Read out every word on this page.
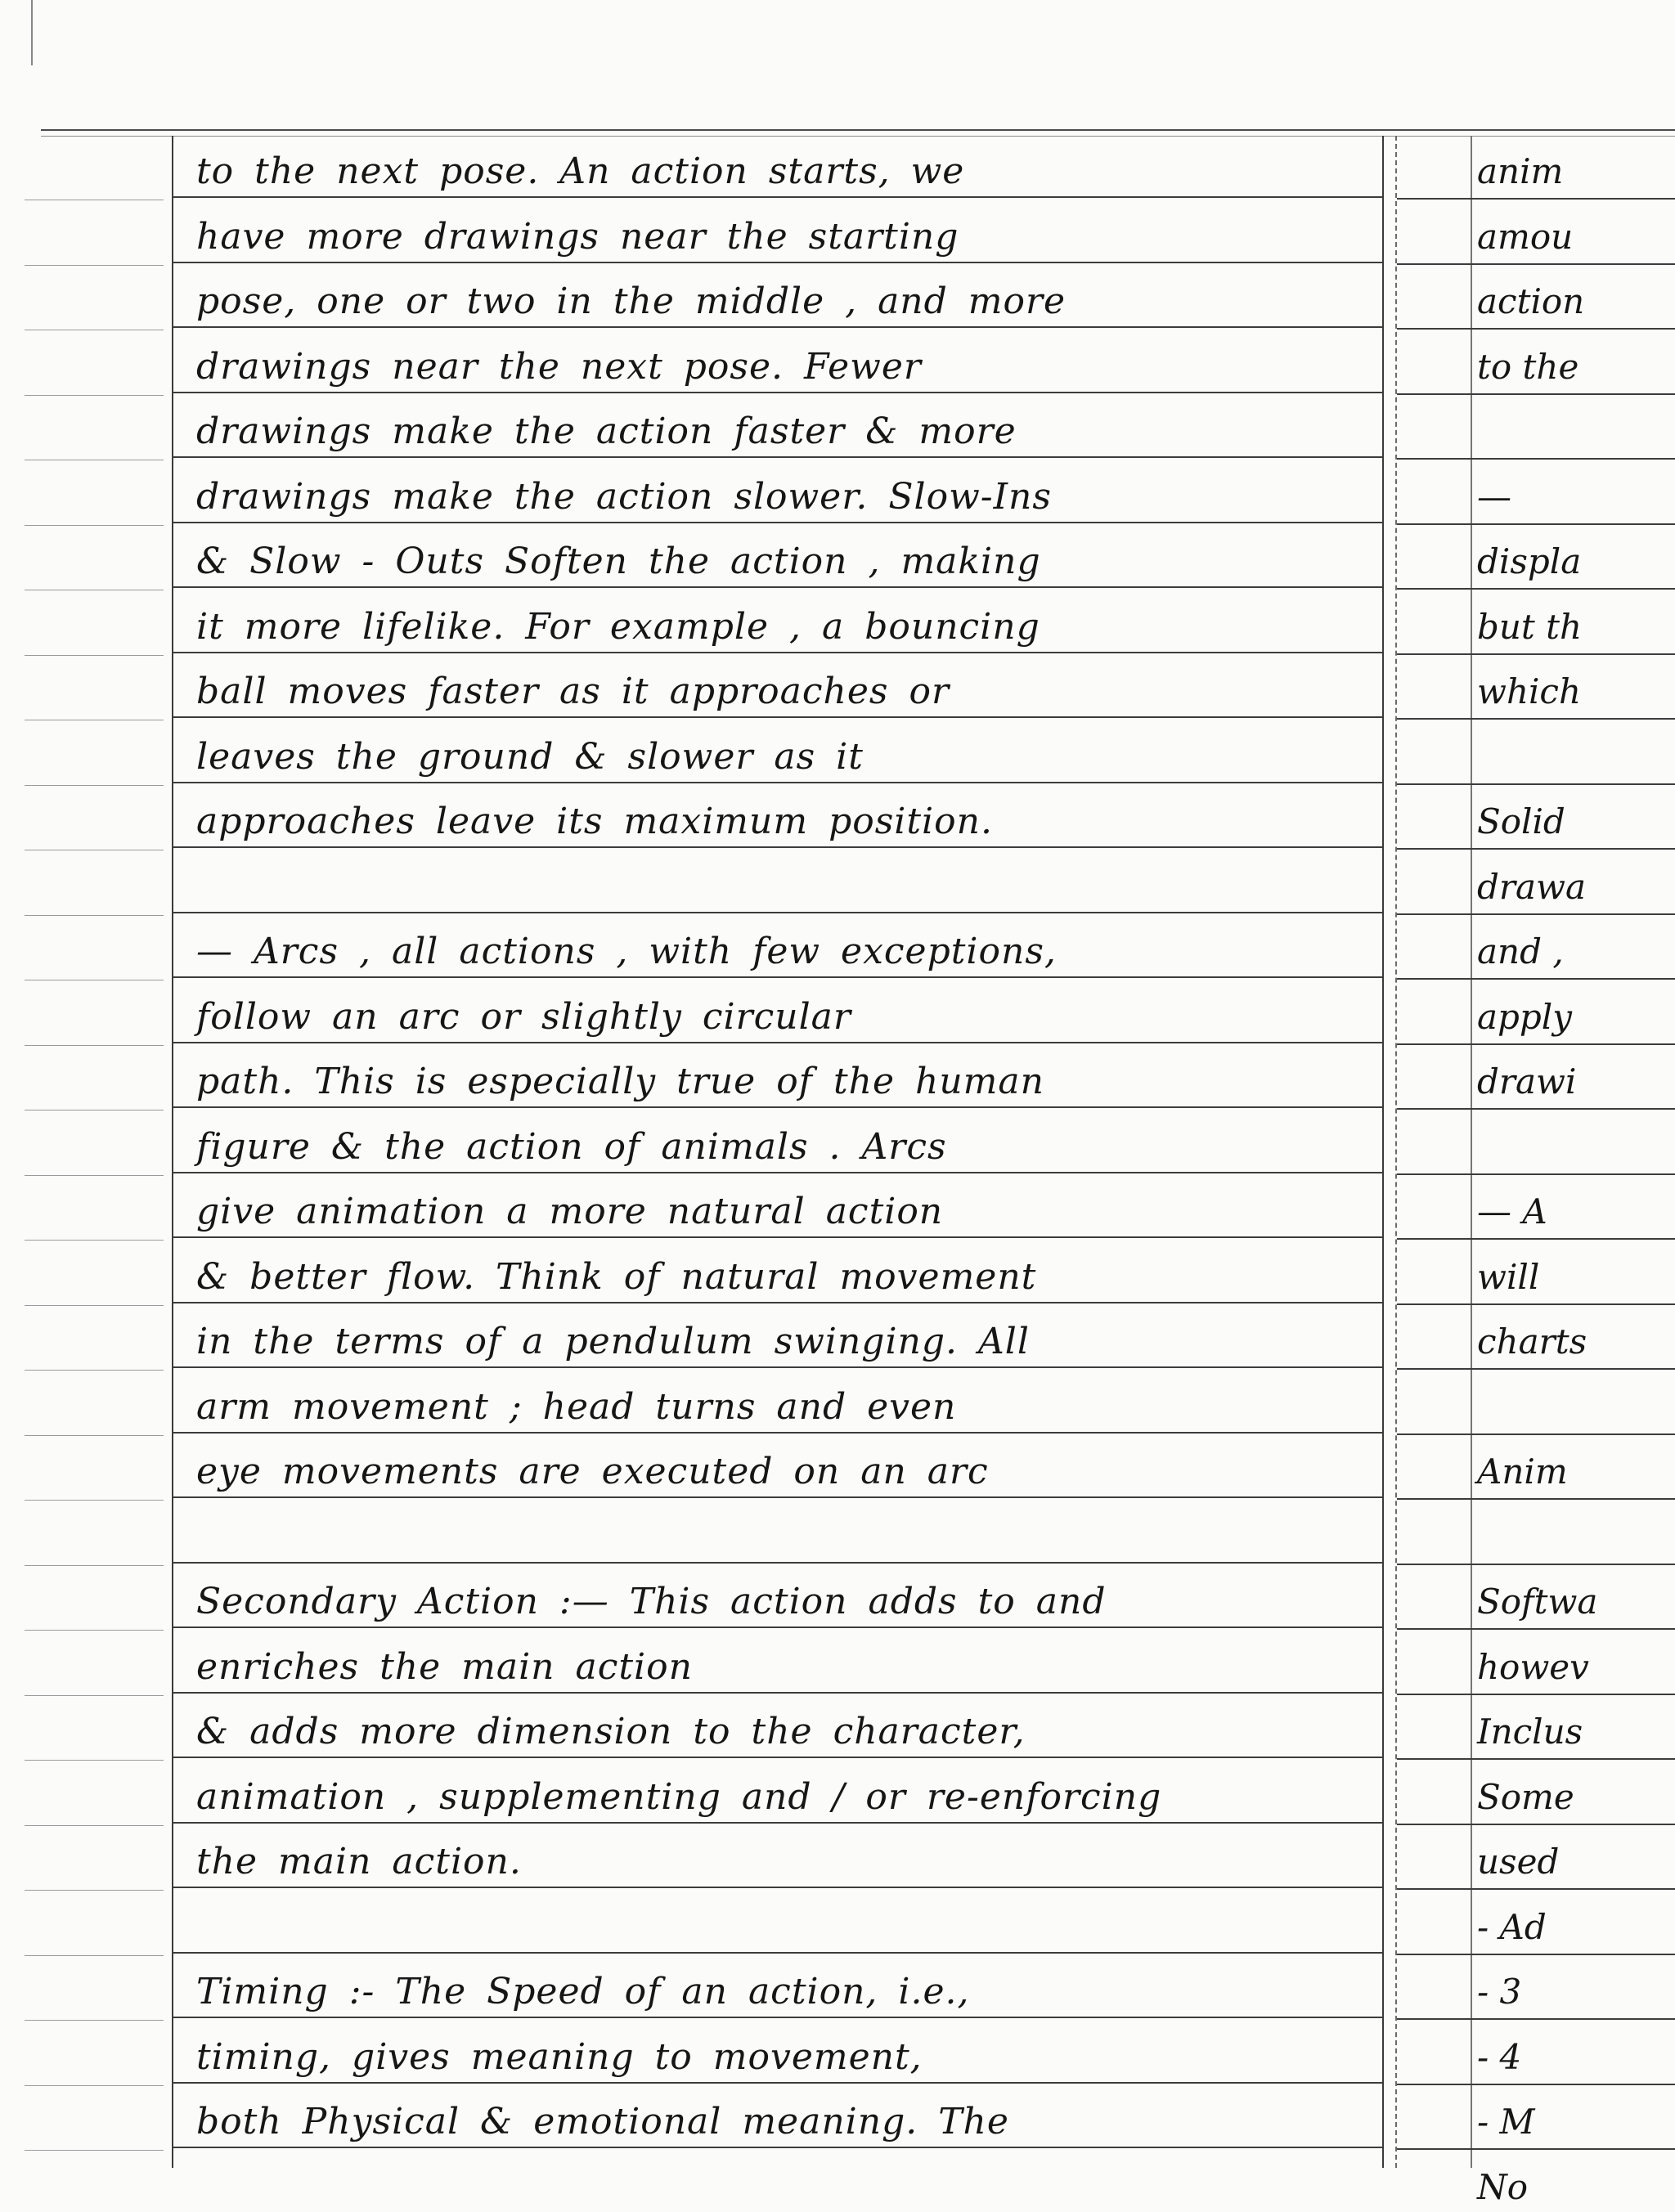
to the next pose. An action starts, we
have more drawings near the starting
pose, one or two in the middle , and more
drawings near the next pose. Fewer
drawings make the action faster & more
drawings make the action slower. Slow-Ins
& Slow - Outs Soften the action , making
it more lifelike. For example , a bouncing
ball moves faster as it approaches or
leaves the ground & slower as it
approaches leave its maximum position.
— Arcs , all actions , with few exceptions,
follow an arc or slightly circular
path. This is especially true of the human
figure & the action of animals . Arcs
give animation a more natural action
& better flow. Think of natural movement
in the terms of a pendulum swinging. All
arm movement ; head turns and even
eye movements are executed on an arc
Secondary Action :— This action adds to and
enriches the main action
& adds more dimension to the character,
animation , supplementing and / or re-enforcing
the main action.
Timing :- The Speed of an action, i.e.,
timing, gives meaning to movement,
both Physical & emotional meaning. The
anim
amou
action
to the
—
displa
but th
which
Solid
drawa
and ,
apply
drawi
— A
will
charts
Anim
Softwa
howev
Inclus
Some
used
- Ad
- 3
- 4
- M
No
